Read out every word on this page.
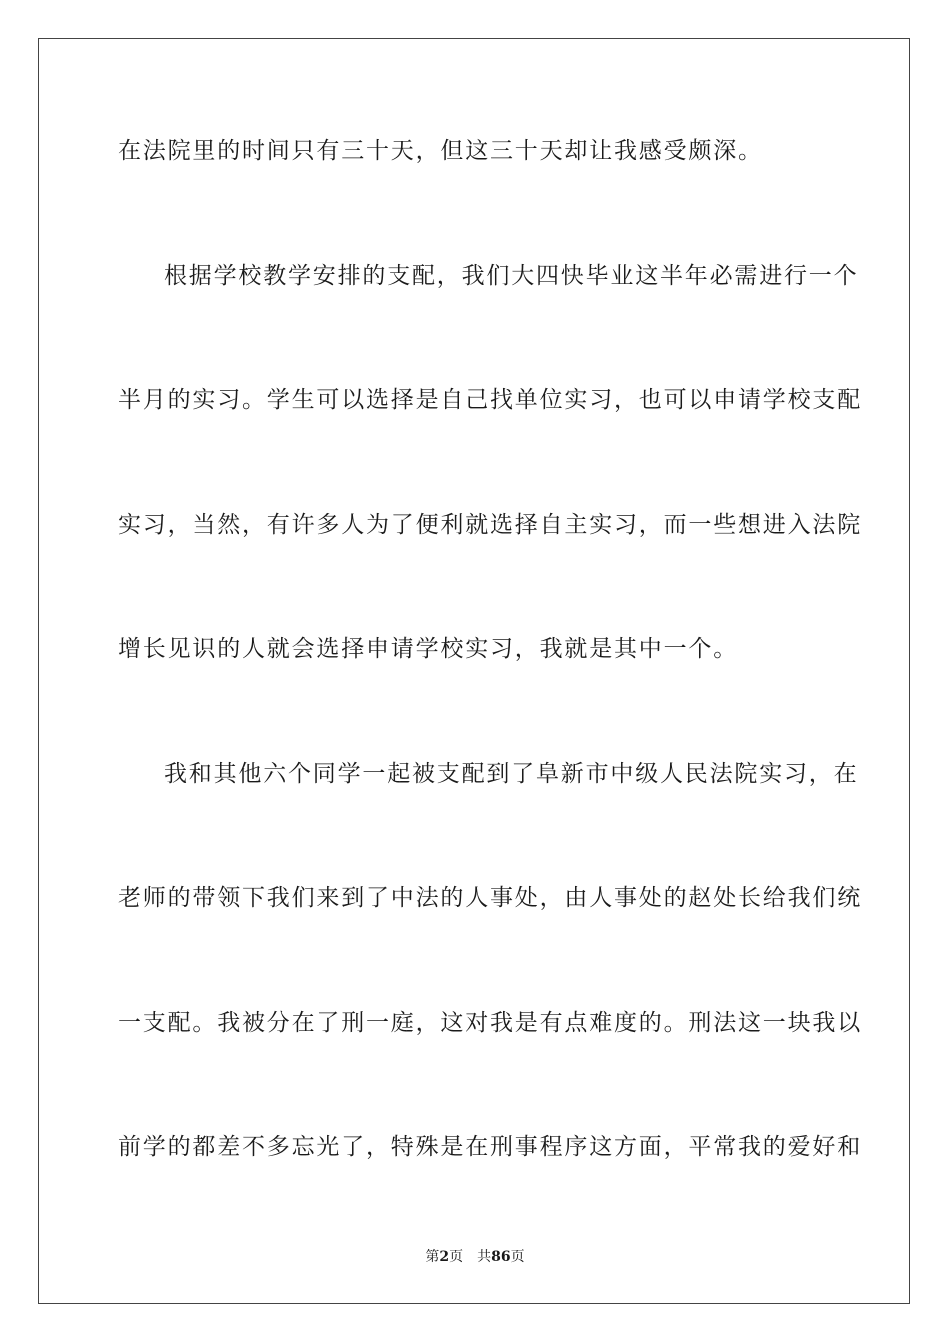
在法院里的时间只有三十天，但这三十天却让我感受颇深。
根据学校教学安排的支配，我们大四快毕业这半年必需进行一个
半月的实习。学生可以选择是自己找单位实习，也可以申请学校支配
实习，当然，有许多人为了便利就选择自主实习，而一些想进入法院
增长见识的人就会选择申请学校实习，我就是其中一个。
我和其他六个同学一起被支配到了阜新市中级人民法院实习，在
老师的带领下我们来到了中法的人事处，由人事处的赵处长给我们统
一支配。我被分在了刑一庭，这对我是有点难度的。刑法这一块我以
前学的都差不多忘光了，特殊是在刑事程序这方面，平常我的爱好和
第2页 共86页
